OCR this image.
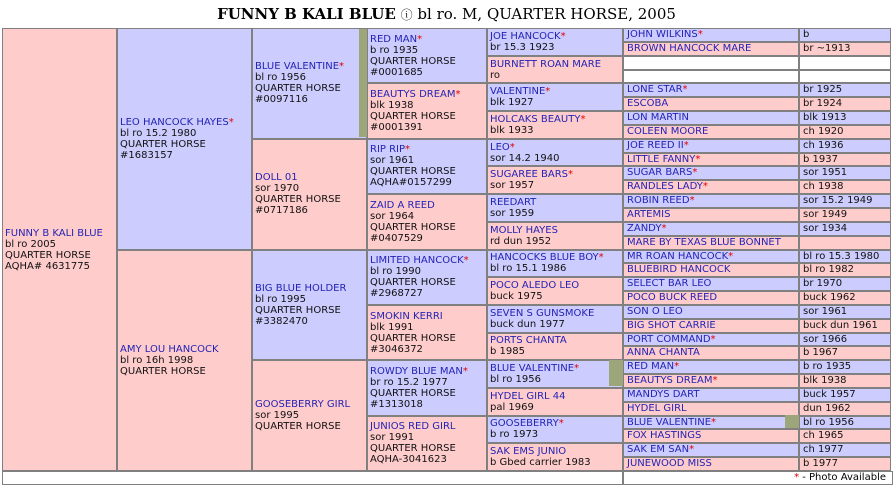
FUNNY B KALI BLUE ⓘ bl ro. M, QUARTER HORSE, 2005
FUNNY B KALI BLUE
bl ro 2005
QUARTER HORSE
AQHA# 4631775
LEO HANCOCK HAYES*
bl ro 15.2 1980
QUARTER HORSE
#1683157
AMY LOU HANCOCK
bl ro 16h 1998
QUARTER HORSE
BLUE VALENTINE*
bl ro 1956
QUARTER HORSE
#0097116
DOLL 01
sor 1970
QUARTER HORSE
#0717186
BIG BLUE HOLDER
bl ro 1995
QUARTER HORSE
#3382470
GOOSEBERRY GIRL
sor 1995
QUARTER HORSE
RED MAN*
b ro 1935
QUARTER HORSE
#0001685
BEAUTYS DREAM*
blk 1938
QUARTER HORSE
#0001391
RIP RIP*
sor 1961
QUARTER HORSE
AQHA#0157299
ZAID A REED
sor 1964
QUARTER HORSE
#0407529
LIMITED HANCOCK*
bl ro 1990
QUARTER HORSE
#2968727
SMOKIN KERRI
blk 1991
QUARTER HORSE
#3046372
ROWDY BLUE MAN*
br ro 15.2 1977
QUARTER HORSE
#1313018
JUNIOS RED GIRL
sor 1991
QUARTER HORSE
AQHA-3041623
JOE HANCOCK*
br 15.3 1923
BURNETT ROAN MARE
ro
VALENTINE*
blk 1927
HOLCAKS BEAUTY*
blk 1933
LEO*
sor 14.2 1940
SUGAREE BARS*
sor 1957
REEDART
sor 1959
MOLLY HAYES
rd dun 1952
HANCOCKS BLUE BOY*
bl ro 15.1 1986
POCO ALEDO LEO
buck 1975
SEVEN S GUNSMOKE
buck dun 1977
PORTS CHANTA
b 1985
BLUE VALENTINE*
bl ro 1956
HYDEL GIRL 44
pal 1969
GOOSEBERRY*
b ro 1973
SAK EMS JUNIO
b Gbed carrier 1983
JOHN WILKINS*	b
BROWN HANCOCK MARE	br ~1913
LONE STAR*	br 1925
ESCOBA	br 1924
LON MARTIN	blk 1913
COLEEN MOORE	ch 1920
JOE REED II*	ch 1936
LITTLE FANNY*	b 1937
SUGAR BARS*	sor 1951
RANDLES LADY*	ch 1938
ROBIN REED*	sor 15.2 1949
ARTEMIS	sor 1949
ZANDY*	sor 1934
MARE BY TEXAS BLUE BONNET
MR ROAN HANCOCK*	bl ro 15.3 1980
BLUEBIRD HANCOCK	bl ro 1982
SELECT BAR LEO	br 1970
POCO BUCK REED	buck 1962
SON O LEO	sor 1961
BIG SHOT CARRIE	buck dun 1961
PORT COMMAND*	sor 1966
ANNA CHANTA	b 1967
RED MAN*	b ro 1935
BEAUTYS DREAM*	blk 1938
MANDYS DART	buck 1957
HYDEL GIRL	dun 1962
BLUE VALENTINE*	bl ro 1956
FOX HASTINGS	ch 1965
SAK EM SAN*	ch 1977
JUNEWOOD MISS	b 1977
* - Photo Available
